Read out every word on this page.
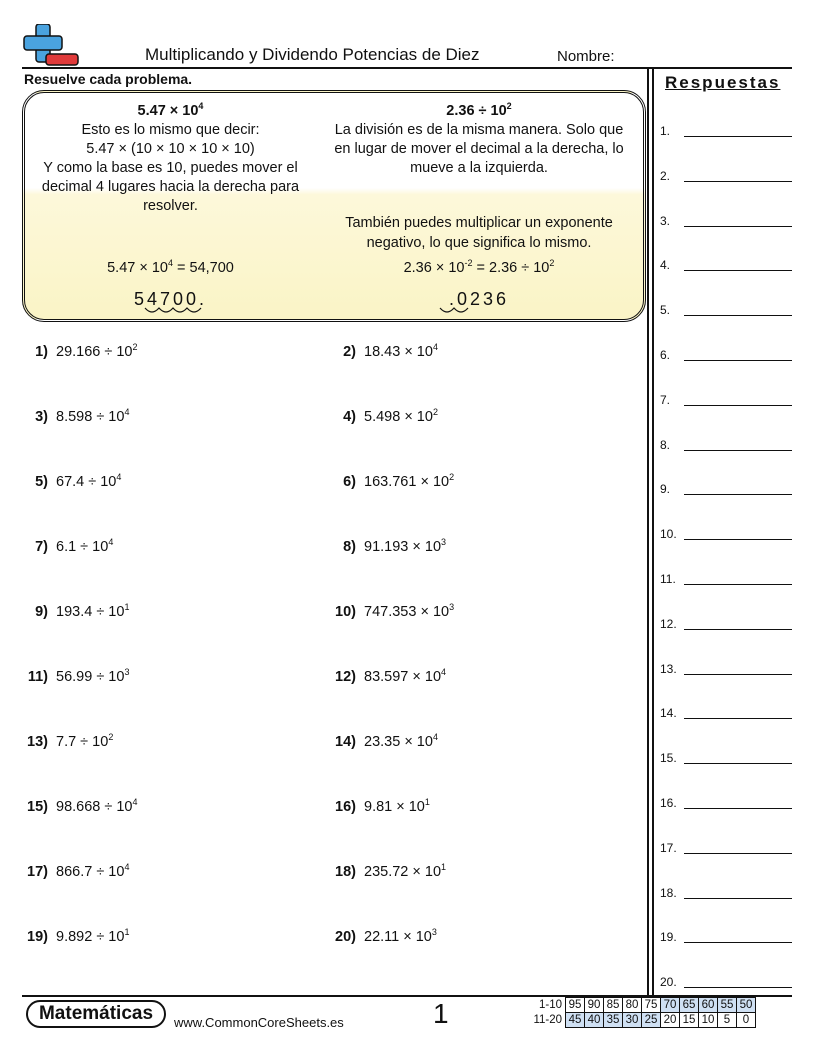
Multiplicando y Dividendo Potencias de Diez	Nombre:
Resuelve cada problema.	Respuestas
$5.47 \times 10^4$
Esto es lo mismo que decir:
5.47 × (10 × 10 × 10 × 10)
Y como la base es 10, puedes mover el
decimal 4 lugares hacia la derecha para
resolver.
$2.36 \div 10^2$
La división es de la misma manera. Solo que
en lugar de mover el decimal a la derecha, lo
mueve a la izquierda.
$5.47 \times 10^4 = 54,700$
También puedes multiplicar un exponente
negativo, lo que significa lo mismo.
$2.36 \times 10^{-2} = 2.36 \div 10^2$
54700.	.0236
1) $29.166 \div 10^2$	2) $18.43 \times 10^4$
3) $8.598 \div 10^4$	4) $5.498 \times 10^2$
5) $67.4 \div 10^4$	6) $163.761 \times 10^2$
7) $6.1 \div 10^4$	8) $91.193 \times 10^3$
9) $193.4 \div 10^1$	10) $747.353 \times 10^3$
11) $56.99 \div 10^3$	12) $83.597 \times 10^4$
13) $7.7 \div 10^2$	14) $23.35 \times 10^4$
15) $98.668 \div 10^4$	16) $9.81 \times 10^1$
17) $866.7 \div 10^4$	18) $235.72 \times 10^1$
19) $9.892 \div 10^1$	20) $22.11 \times 10^3$
1.
2.
3.
4.
5.
6.
7.
8.
9.
10.
11.
12.
13.
14.
15.
16.
17.
18.
19.
20.
Matemáticas	www.CommonCoreSheets.es	1	1-10	95	90	85	80	75	70	65	60	55	50
11-20	45	40	35	30	25	20	15	10	5	0
